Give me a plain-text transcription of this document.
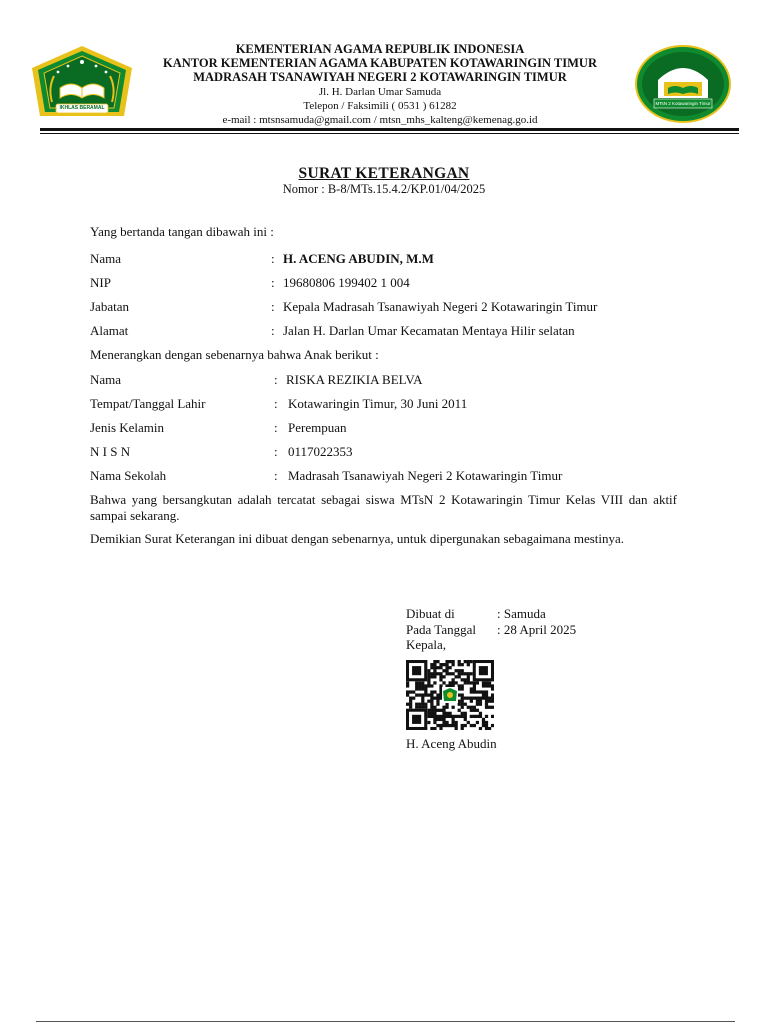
IKHLAS BERAMAL
MTsN 2 Kotawaringin Timur
KEMENTERIAN AGAMA REPUBLIK INDONESIA
KANTOR KEMENTERIAN AGAMA KABUPATEN KOTAWARINGIN TIMUR
MADRASAH TSANAWIYAH NEGERI 2 KOTAWARINGIN TIMUR
Jl. H. Darlan Umar Samuda
Telepon / Faksimili ( 0531 ) 61282
e-mail : mtsnsamuda@gmail.com / mtsn_mhs_kalteng@kemenag.go.id
SURAT KETERANGAN
Nomor : B-8/MTs.15.4.2/KP.01/04/2025
Yang bertanda tangan dibawah ini :
Nama	: H. ACENG ABUDIN, M.M
NIP	: 19680806 199402 1 004
Jabatan	: Kepala Madrasah Tsanawiyah Negeri 2 Kotawaringin Timur
Alamat	: Jalan H. Darlan Umar Kecamatan Mentaya Hilir selatan
Menerangkan dengan sebenarnya bahwa Anak berikut :
Nama	: RISKA REZIKIA BELVA
Tempat/Tanggal Lahir	: Kotawaringin Timur, 30 Juni 2011
Jenis Kelamin	: Perempuan
N I S N	: 0117022353
Nama Sekolah	: Madrasah Tsanawiyah Negeri 2 Kotawaringin Timur
Bahwa yang bersangkutan adalah tercatat sebagai siswa MTsN 2 Kotawaringin Timur Kelas VIII dan aktif sampai sekarang.
Demikian Surat Keterangan ini dibuat dengan sebenarnya, untuk dipergunakan sebagaimana mestinya.
Dibuat di	: Samuda
Pada Tanggal : 28 April 2025
Kepala,
H. Aceng Abudin
